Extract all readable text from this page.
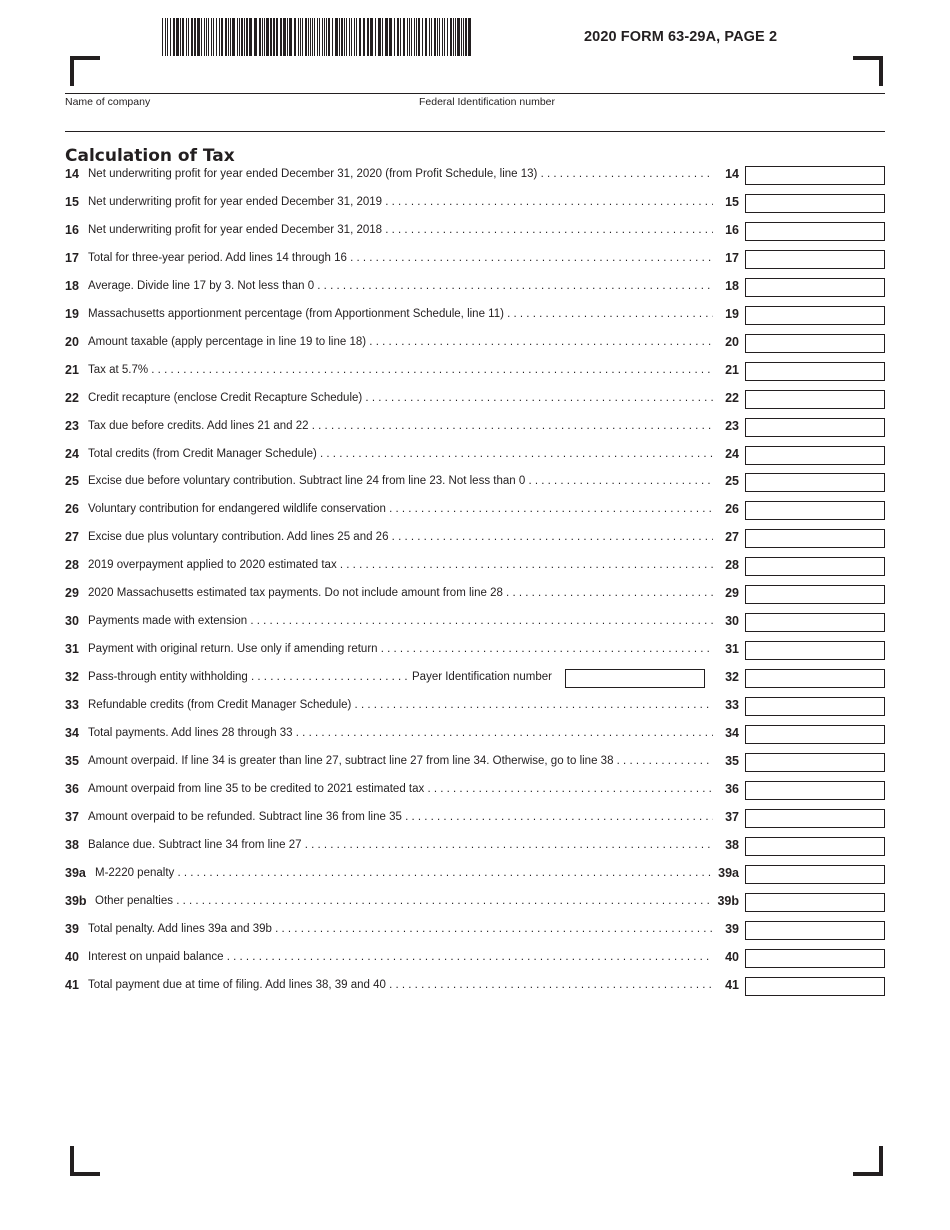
2020 FORM 63-29A, PAGE 2
Name of company	Federal Identification number
Calculation of Tax
14 Net underwriting profit for year ended December 31, 2020 (from Profit Schedule, line 13) . . .	14
15 Net underwriting profit for year ended December 31, 2019 . . .	15
16 Net underwriting profit for year ended December 31, 2018 . . .	16
17 Total for three-year period. Add lines 14 through 16 . . .	17
18 Average. Divide line 17 by 3. Not less than 0 . . .	18
19 Massachusetts apportionment percentage (from Apportionment Schedule, line 11) . . .	19
20 Amount taxable (apply percentage in line 19 to line 18) . . .	20
21 Tax at 5.7% . . .	21
22 Credit recapture (enclose Credit Recapture Schedule) . . .	22
23 Tax due before credits. Add lines 21 and 22 . . .	23
24 Total credits (from Credit Manager Schedule) . . .	24
25 Excise due before voluntary contribution. Subtract line 24 from line 23. Not less than 0 . . .	25
26 Voluntary contribution for endangered wildlife conservation . . .	26
27 Excise due plus voluntary contribution. Add lines 25 and 26 . . .	27
28 2019 overpayment applied to 2020 estimated tax . . .	28
29 2020 Massachusetts estimated tax payments. Do not include amount from line 28 . . .	29
30 Payments made with extension . . .	30
31 Payment with original return. Use only if amending return . . .	31
32 Pass-through entity withholding . . .	Payer Identification number	32
33 Refundable credits (from Credit Manager Schedule) . . .	33
34 Total payments. Add lines 28 through 33 . . .	34
35 Amount overpaid. If line 34 is greater than line 27, subtract line 27 from line 34. Otherwise, go to line 38 . . .	35
36 Amount overpaid from line 35 to be credited to 2021 estimated tax . . .	36
37 Amount overpaid to be refunded. Subtract line 36 from line 35 . . .	37
38 Balance due. Subtract line 34 from line 27 . . .	38
39a M-2220 penalty . . .	39a
39b Other penalties . . .	39b
39 Total penalty. Add lines 39a and 39b . . .	39
40 Interest on unpaid balance . . .	40
41 Total payment due at time of filing. Add lines 38, 39 and 40 . . .	41
